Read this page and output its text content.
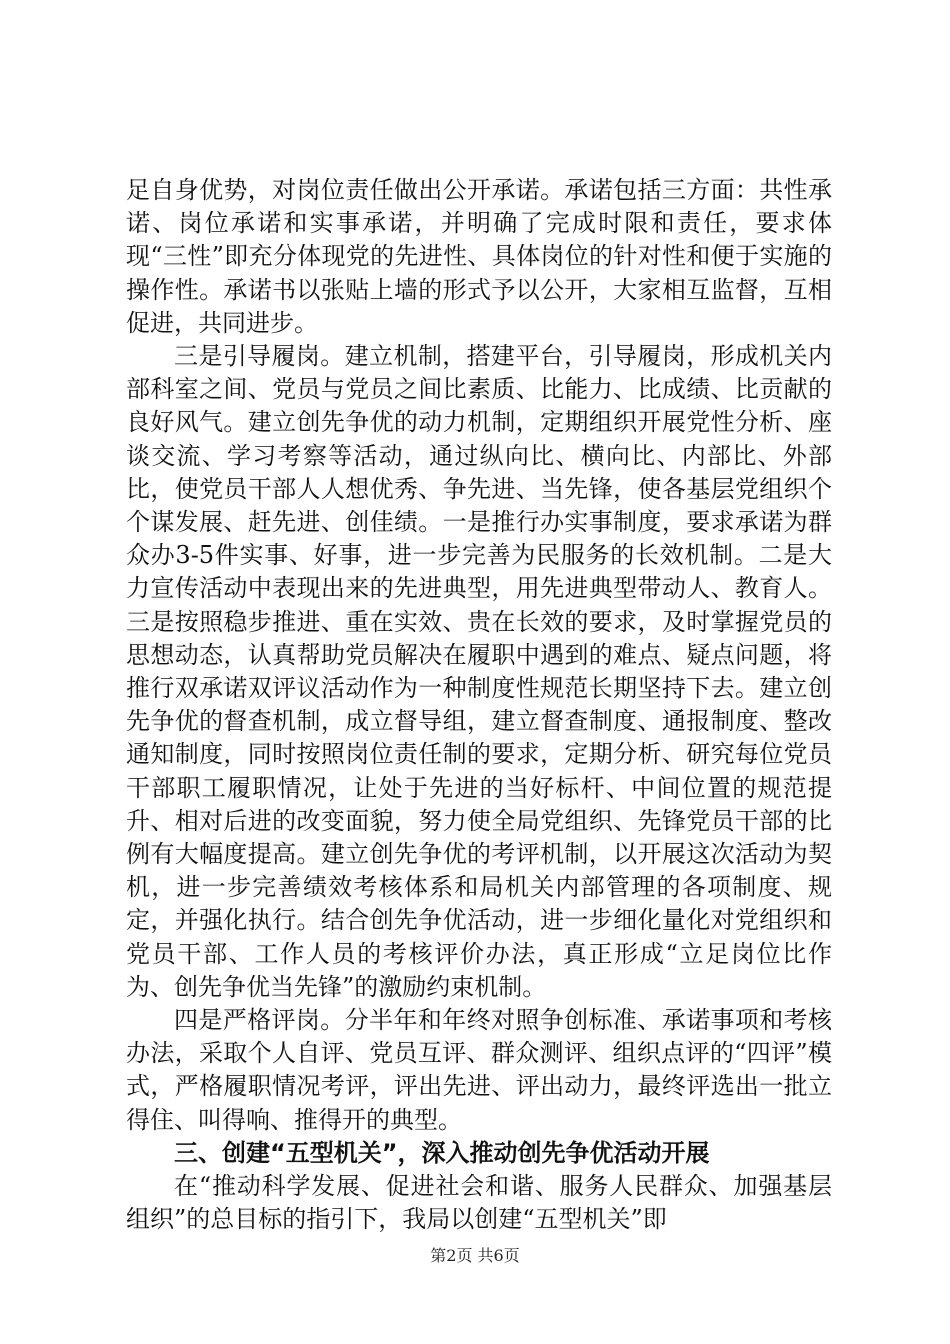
足自身优势，对岗位责任做出公开承诺。承诺包括三方面：共性承诺、岗位承诺和实事承诺，并明确了完成时限和责任，要求体现“三性”即充分体现党的先进性、具体岗位的针对性和便于实施的操作性。承诺书以张贴上墙的形式予以公开，大家相互监督，互相促进，共同进步。

三是引导履岗。建立机制，搭建平台，引导履岗，形成机关内部科室之间、党员与党员之间比素质、比能力、比成绩、比贡献的良好风气。建立创先争优的动力机制，定期组织开展党性分析、座谈交流、学习考察等活动，通过纵向比、横向比、内部比、外部比，使党员干部人人想优秀、争先进、当先锋，使各基层党组织个个谋发展、赶先进、创佳绩。一是推行办实事制度，要求承诺为群众办3-5件实事、好事，进一步完善为民服务的长效机制。二是大力宣传活动中表现出来的先进典型，用先进典型带动人、教育人。三是按照稳步推进、重在实效、贵在长效的要求，及时掌握党员的思想动态，认真帮助党员解决在履职中遇到的难点、疑点问题，将推行双承诺双评议活动作为一种制度性规范长期坚持下去。建立创先争优的督查机制，成立督导组，建立督查制度、通报制度、整改通知制度，同时按照岗位责任制的要求，定期分析、研究每位党员干部职工履职情况，让处于先进的当好标杆、中间位置的规范提升、相对后进的改变面貌，努力使全局党组织、先锋党员干部的比例有大幅度提高。建立创先争优的考评机制，以开展这次活动为契机，进一步完善绩效考核体系和局机关内部管理的各项制度、规定，并强化执行。结合创先争优活动，进一步细化量化对党组织和党员干部、工作人员的考核评价办法，真正形成“立足岗位比作为、创先争优当先锋”的激励约束机制。

四是严格评岗。分半年和年终对照争创标准、承诺事项和考核办法，采取个人自评、党员互评、群众测评、组织点评的“四评”模式，严格履职情况考评，评出先进、评出动力，最终评选出一批立得住、叫得响、推得开的典型。

三、创建“五型机关”，深入推动创先争优活动开展

在“推动科学发展、促进社会和谐、服务人民群众、加强基层组织”的总目标的指引下，我局以创建“五型机关”即

第2页 共6页
